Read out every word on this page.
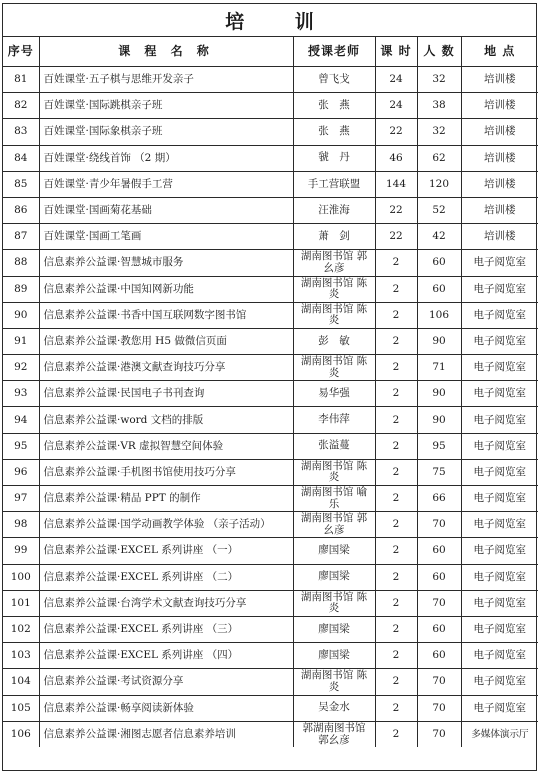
培 训
序号	课 程 名 称	授课老师	课 时	人 数	地 点
81	百姓课堂·五子棋与思维开发亲子	曾飞戈	24	32	培训楼
82	百姓课堂·国际跳棋亲子班	张　燕	24	38	培训楼
83	百姓课堂·国际象棋亲子班	张　燕	22	32	培训楼
84	百姓课堂·绕线首饰 （2 期）	虢　丹	46	62	培训楼
85	百姓课堂·青少年暑假手工营	手工营联盟	144	120	培训楼
86	百姓课堂·国画菊花基础	汪淮海	22	52	培训楼
87	百姓课堂·国画工笔画	萧　剑	22	42	培训楼
88	信息素养公益课·智慧城市服务	湖南图书馆 郭幺彦	2	60	电子阅览室
89	信息素养公益课·中国知网新功能	湖南图书馆 陈　炎	2	60	电子阅览室
90	信息素养公益课·书香中国互联网数字图书馆	湖南图书馆 陈　炎	2	106	电子阅览室
91	信息素养公益课·教您用 H5 做微信页面	彭　敏	2	90	电子阅览室
92	信息素养公益课·港澳文献查询技巧分享	湖南图书馆 陈　炎	2	71	电子阅览室
93	信息素养公益课·民国电子书刊查询	易华强	2	90	电子阅览室
94	信息素养公益课·word 文档的排版	李伟萍	2	90	电子阅览室
95	信息素养公益课·VR 虚拟智慧空间体验	张溢蔓	2	95	电子阅览室
96	信息素养公益课·手机图书馆使用技巧分享	湖南图书馆 陈　炎	2	75	电子阅览室
97	信息素养公益课·精品 PPT 的制作	湖南图书馆 喻　乐	2	66	电子阅览室
98	信息素养公益课·国学动画教学体验 （亲子活动）	湖南图书馆 郭幺彦	2	70	电子阅览室
99	信息素养公益课·EXCEL 系列讲座 （一）	廖国梁	2	60	电子阅览室
100	信息素养公益课·EXCEL 系列讲座 （二）	廖国梁	2	60	电子阅览室
101	信息素养公益课·台湾学术文献查询技巧分享	湖南图书馆 陈　炎	2	70	电子阅览室
102	信息素养公益课·EXCEL 系列讲座 （三）	廖国梁	2	60	电子阅览室
103	信息素养公益课·EXCEL 系列讲座 （四）	廖国梁	2	60	电子阅览室
104	信息素养公益课·考试资源分享	湖南图书馆 陈　炎	2	70	电子阅览室
105	信息素养公益课·畅享阅读新体验	吴金水	2	70	电子阅览室
106	信息素养公益课·湘图志愿者信息素养培训	郭湖南图书馆 郭幺彦	2	70	多媒体演示厅
